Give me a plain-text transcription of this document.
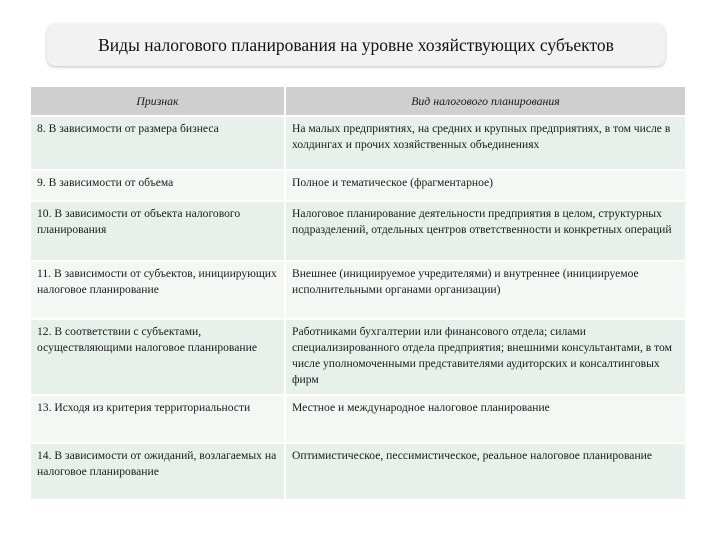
Виды налогового планирования на уровне хозяйствующих субъектов
Признак	Вид налогового планирования
8. В зависимости от размера бизнеса	На малых предприятиях, на средних и крупных предприятиях, в том числе в холдингах и прочих хозяйственных объединениях
9. В зависимости от объема	Полное и тематическое (фрагментарное)
10. В зависимости от объекта налогового планирования	Налоговое планирование деятельности предприятия в целом, структурных подразделений, отдельных центров ответственности и конкретных операций
11. В зависимости от субъектов, инициирующих налоговое планирование	Внешнее (инициируемое учредителями) и внутреннее (инициируемое исполнительными органами организации)
12. В соответствии с субъектами, осуществляющими налоговое планирование	Работниками бухгалтерии или финансового отдела; силами специализированного отдела предприятия; внешними консультантами, в том числе уполномоченными представителями аудиторских и консалтинговых фирм
13. Исходя из критерия территориальности	Местное и международное налоговое планирование
14. В зависимости от ожиданий, возлагаемых на налоговое планирование	Оптимистическое, пессимистическое, реальное налоговое планирование
